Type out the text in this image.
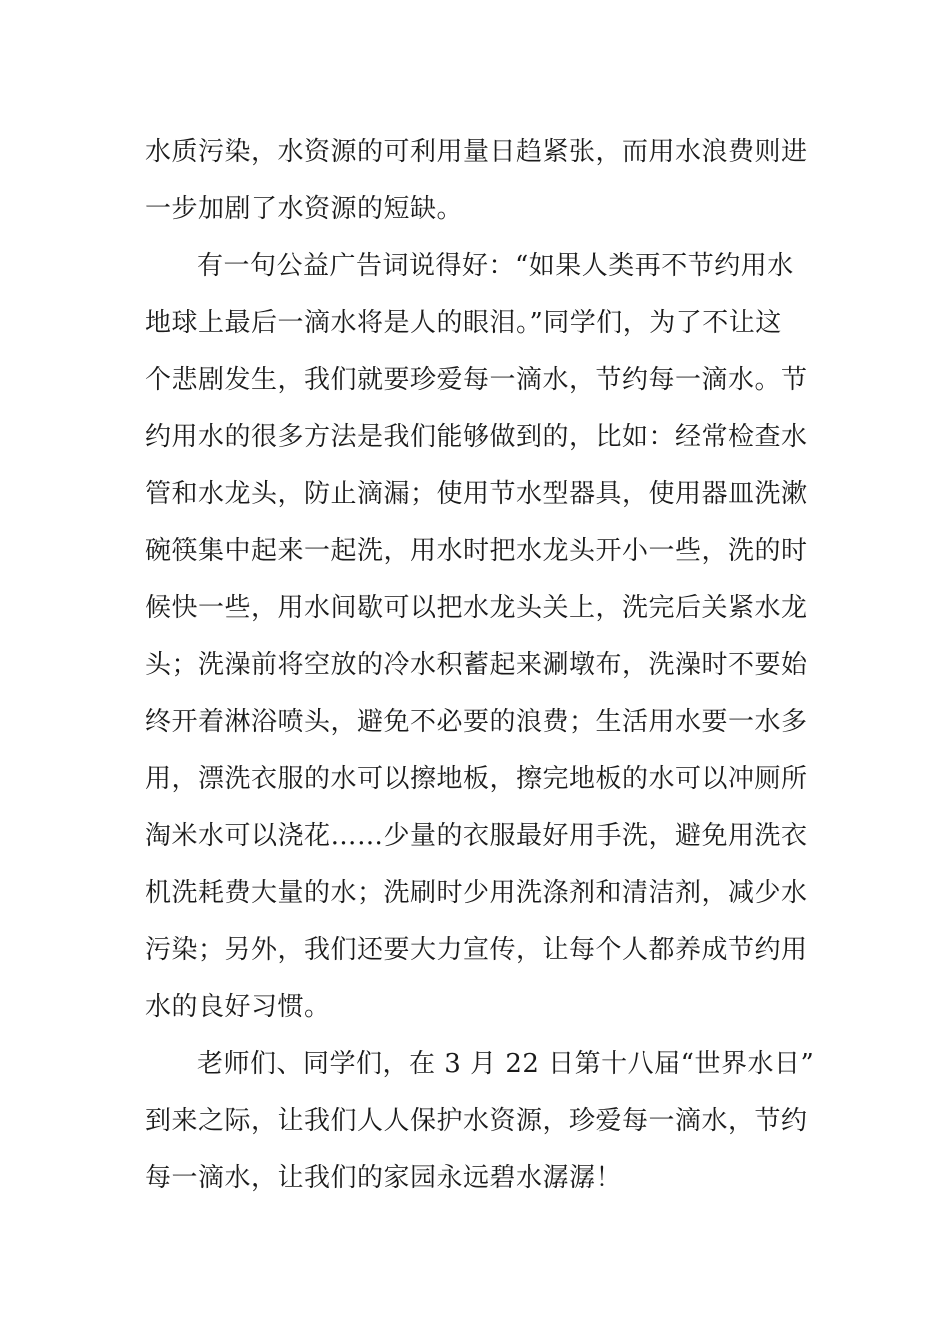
水质污染，水资源的可利用量日趋紧张，而用水浪费则进
一步加剧了水资源的短缺。
有一句公益广告词说得好：“如果人类再不节约用水
地球上最后一滴水将是人的眼泪。”同学们，为了不让这
个悲剧发生，我们就要珍爱每一滴水，节约每一滴水。节
约用水的很多方法是我们能够做到的，比如：经常检查水
管和水龙头，防止滴漏；使用节水型器具，使用器皿洗漱
碗筷集中起来一起洗，用水时把水龙头开小一些，洗的时
候快一些，用水间歇可以把水龙头关上，洗完后关紧水龙
头；洗澡前将空放的冷水积蓄起来涮墩布，洗澡时不要始
终开着淋浴喷头，避免不必要的浪费；生活用水要一水多
用，漂洗衣服的水可以擦地板，擦完地板的水可以冲厕所
淘米水可以浇花……少量的衣服最好用手洗，避免用洗衣
机洗耗费大量的水；洗刷时少用洗涤剂和清洁剂，减少水
污染；另外，我们还要大力宣传，让每个人都养成节约用
水的良好习惯。
老师们、同学们，在 3 月 22 日第十八届“世界水日”
到来之际，让我们人人保护水资源，珍爱每一滴水，节约
每一滴水，让我们的家园永远碧水潺潺！
